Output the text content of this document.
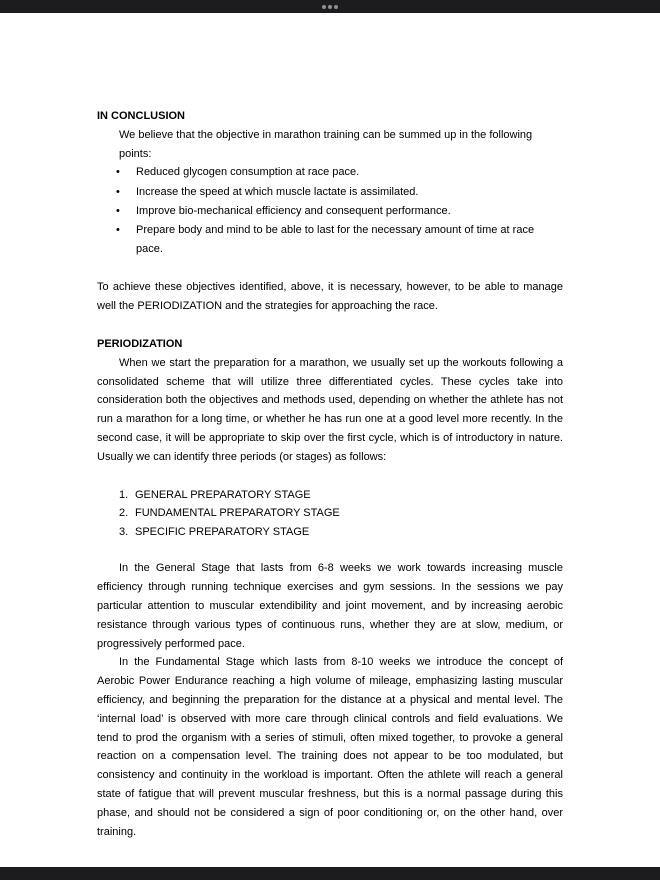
IN CONCLUSION

We believe that the objective in marathon training can be summed up in the following points:

• Reduced glycogen consumption at race pace.
• Increase the speed at which muscle lactate is assimilated.
• Improve bio-mechanical efficiency and consequent performance.
• Prepare body and mind to be able to last for the necessary amount of time at race pace.

To achieve these objectives identified, above, it is necessary, however, to be able to manage well the PERIODIZATION and the strategies for approaching the race.

PERIODIZATION

When we start the preparation for a marathon, we usually set up the workouts following a consolidated scheme that will utilize three differentiated cycles. These cycles take into consideration both the objectives and methods used, depending on whether the athlete has not run a marathon for a long time, or whether he has run one at a good level more recently. In the second case, it will be appropriate to skip over the first cycle, which is of introductory in nature. Usually we can identify three periods (or stages) as follows:

1. GENERAL PREPARATORY STAGE
2. FUNDAMENTAL PREPARATORY STAGE
3. SPECIFIC PREPARATORY STAGE

In the General Stage that lasts from 6-8 weeks we work towards increasing muscle efficiency through running technique exercises and gym sessions. In the sessions we pay particular attention to muscular extendibility and joint movement, and by increasing aerobic resistance through various types of continuous runs, whether they are at slow, medium, or progressively performed pace.

In the Fundamental Stage which lasts from 8-10 weeks we introduce the concept of Aerobic Power Endurance reaching a high volume of mileage, emphasizing lasting muscular efficiency, and beginning the preparation for the distance at a physical and mental level. The ‘internal load’ is observed with more care through clinical controls and field evaluations. We tend to prod the organism with a series of stimuli, often mixed together, to provoke a general reaction on a compensation level. The training does not appear to be too modulated, but consistency and continuity in the workload is important. Often the athlete will reach a general state of fatigue that will prevent muscular freshness, but this is a normal passage during this phase, and should not be considered a sign of poor conditioning or, on the other hand, over training.
